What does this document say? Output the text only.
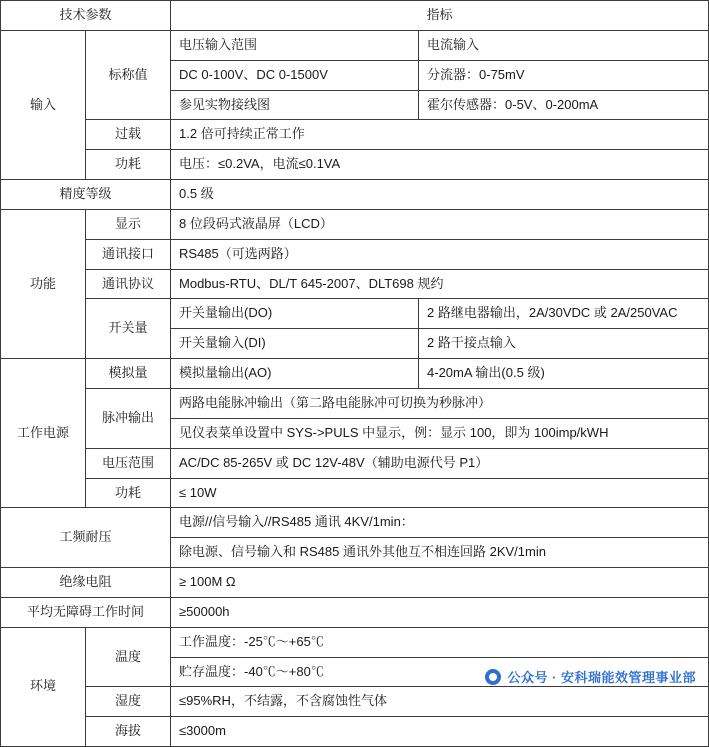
技术参数		指标	
输入	标称值	电压输入范围	电流输入
		DC 0-100V、DC 0-1500V	分流器：0-75mV
		参见实物接线图	霍尔传感器：0-5V、0-200mA
	过载	1.2 倍可持续正常工作	
	功耗	电压：≤0.2VA，电流≤0.1VA	
精度等级		0.5 级	
功能	显示	8 位段码式液晶屏（LCD）	
	通讯接口	RS485（可选两路）	
	通讯协议	Modbus-RTU、DL/T 645-2007、DLT698 规约	
	开关量	开关量输出(DO)	2 路继电器输出，2A/30VDC 或 2A/250VAC
		开关量输入(DI)	2 路干接点输入
工作电源	模拟量	模拟量输出(AO)	4-20mA 输出(0.5 级)
	脉冲输出	两路电能脉冲输出（第二路电能脉冲可切换为秒脉冲）	
		见仪表菜单设置中 SYS->PULS 中显示，例：显示 100，即为 100imp/kWH	
	电压范围	AC/DC 85-265V 或 DC 12V-48V（辅助电源代号 P1）	
	功耗	≤ 10W	
工频耐压		电源//信号输入//RS485 通讯 4KV/1min：	
		除电源、信号输入和 RS485 通讯外其他互不相连回路 2KV/1min	
绝缘电阻		≥ 100M Ω	
平均无障碍工作时间		≥50000h	
环境	温度	工作温度：-25℃～+65℃	
		贮存温度：-40℃～+80℃	
	湿度	≤95%RH，不结露，不含腐蚀性气体	
	海拔	≤3000m	
公众号 · 安科瑞能效管理事业部
